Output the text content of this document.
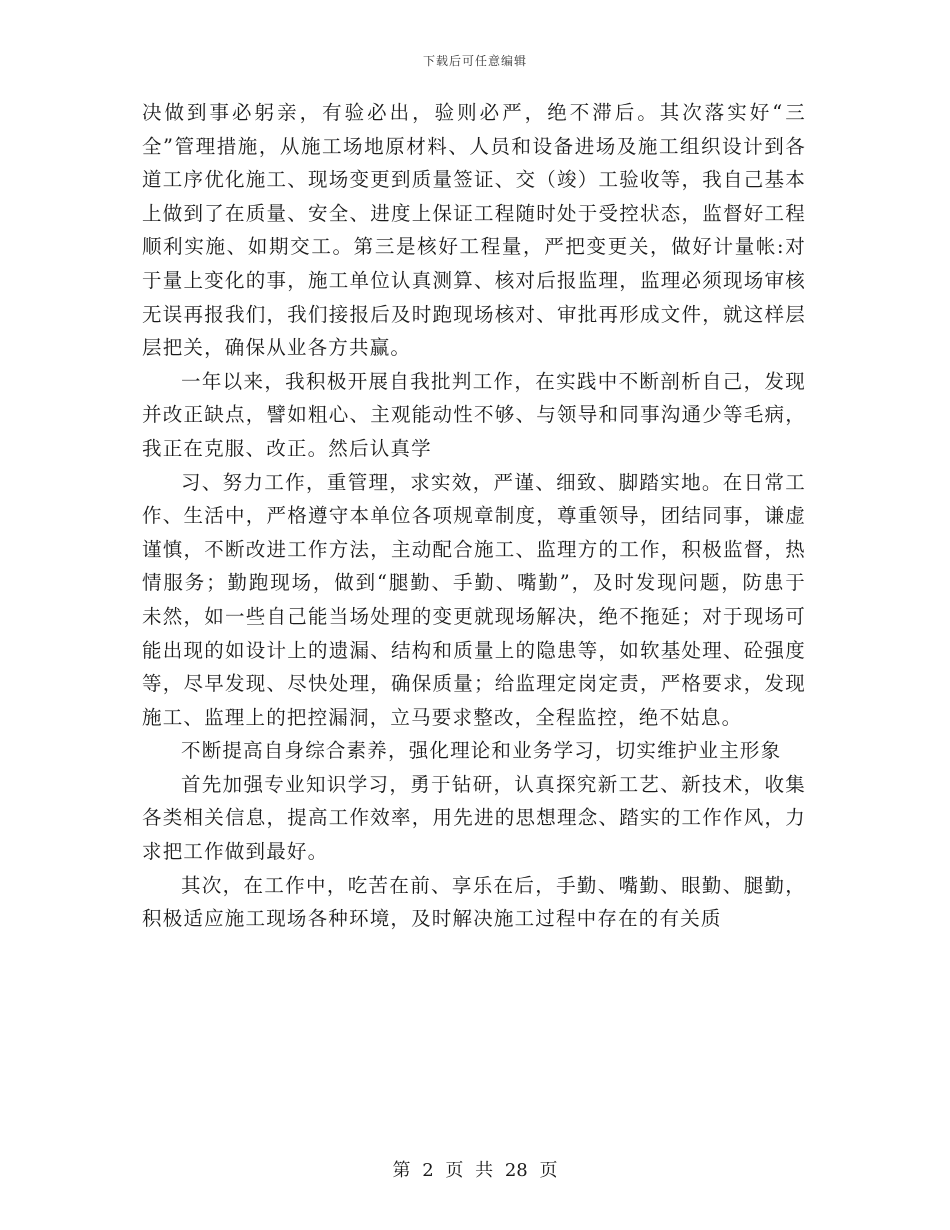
下载后可任意编辑

决做到事必躬亲，有验必出，验则必严，绝不滞后。其次落实好“三全”管理措施，从施工场地原材料、人员和设备进场及施工组织设计到各道工序优化施工、现场变更到质量签证、交（竣）工验收等，我自己基本上做到了在质量、安全、进度上保证工程随时处于受控状态，监督好工程顺利实施、如期交工。第三是核好工程量，严把变更关，做好计量帐:对于量上变化的事，施工单位认真测算、核对后报监理，监理必须现场审核无误再报我们，我们接报后及时跑现场核对、审批再形成文件，就这样层层把关，确保从业各方共赢。

一年以来，我积极开展自我批判工作，在实践中不断剖析自己，发现并改正缺点，譬如粗心、主观能动性不够、与领导和同事沟通少等毛病，我正在克服、改正。然后认真学

习、努力工作，重管理，求实效，严谨、细致、脚踏实地。在日常工作、生活中，严格遵守本单位各项规章制度，尊重领导，团结同事，谦虚谨慎，不断改进工作方法，主动配合施工、监理方的工作，积极监督，热情服务；勤跑现场，做到“腿勤、手勤、嘴勤”，及时发现问题，防患于未然，如一些自己能当场处理的变更就现场解决，绝不拖延；对于现场可能出现的如设计上的遗漏、结构和质量上的隐患等，如软基处理、砼强度等，尽早发现、尽快处理，确保质量；给监理定岗定责，严格要求，发现施工、监理上的把控漏洞，立马要求整改，全程监控，绝不姑息。

不断提高自身综合素养，强化理论和业务学习，切实维护业主形象

首先加强专业知识学习，勇于钻研，认真探究新工艺、新技术，收集各类相关信息，提高工作效率，用先进的思想理念、踏实的工作作风，力求把工作做到最好。

其次，在工作中，吃苦在前、享乐在后，手勤、嘴勤、眼勤、腿勤，积极适应施工现场各种环境，及时解决施工过程中存在的有关质

第 2 页 共 28 页
